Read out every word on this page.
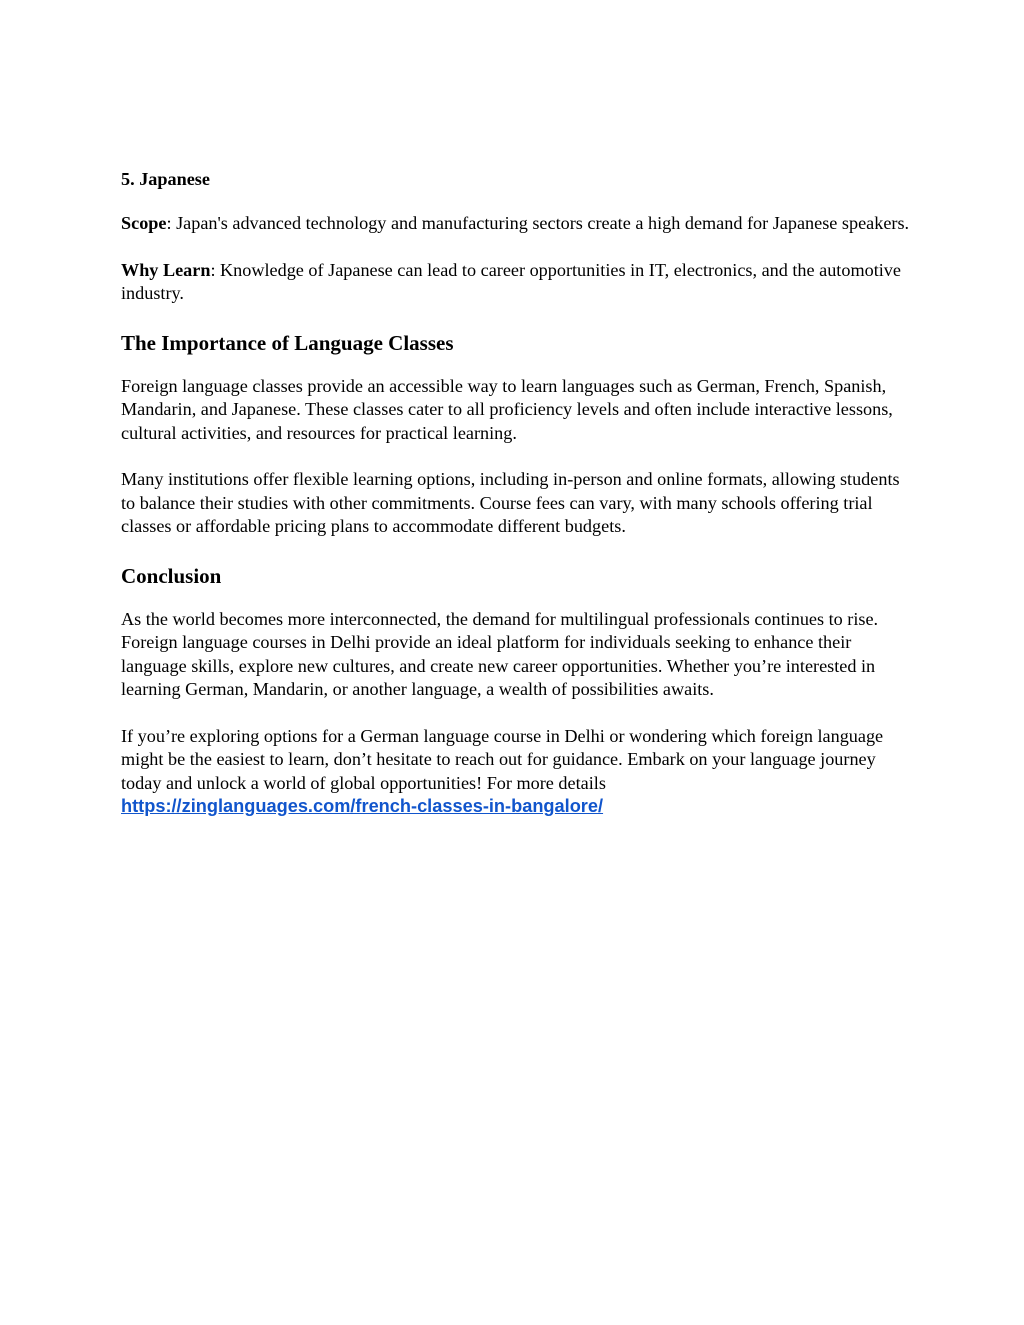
5. Japanese

Scope: Japan's advanced technology and manufacturing sectors create a high demand for Japanese speakers.

Why Learn: Knowledge of Japanese can lead to career opportunities in IT, electronics, and the automotive industry.

The Importance of Language Classes

Foreign language classes provide an accessible way to learn languages such as German, French, Spanish, Mandarin, and Japanese. These classes cater to all proficiency levels and often include interactive lessons, cultural activities, and resources for practical learning.

Many institutions offer flexible learning options, including in-person and online formats, allowing students to balance their studies with other commitments. Course fees can vary, with many schools offering trial classes or affordable pricing plans to accommodate different budgets.

Conclusion

As the world becomes more interconnected, the demand for multilingual professionals continues to rise. Foreign language courses in Delhi provide an ideal platform for individuals seeking to enhance their language skills, explore new cultures, and create new career opportunities. Whether you’re interested in learning German, Mandarin, or another language, a wealth of possibilities awaits.

If you’re exploring options for a German language course in Delhi or wondering which foreign language might be the easiest to learn, don’t hesitate to reach out for guidance. Embark on your language journey today and unlock a world of global opportunities! For more details
https://zinglanguages.com/french-classes-in-bangalore/
